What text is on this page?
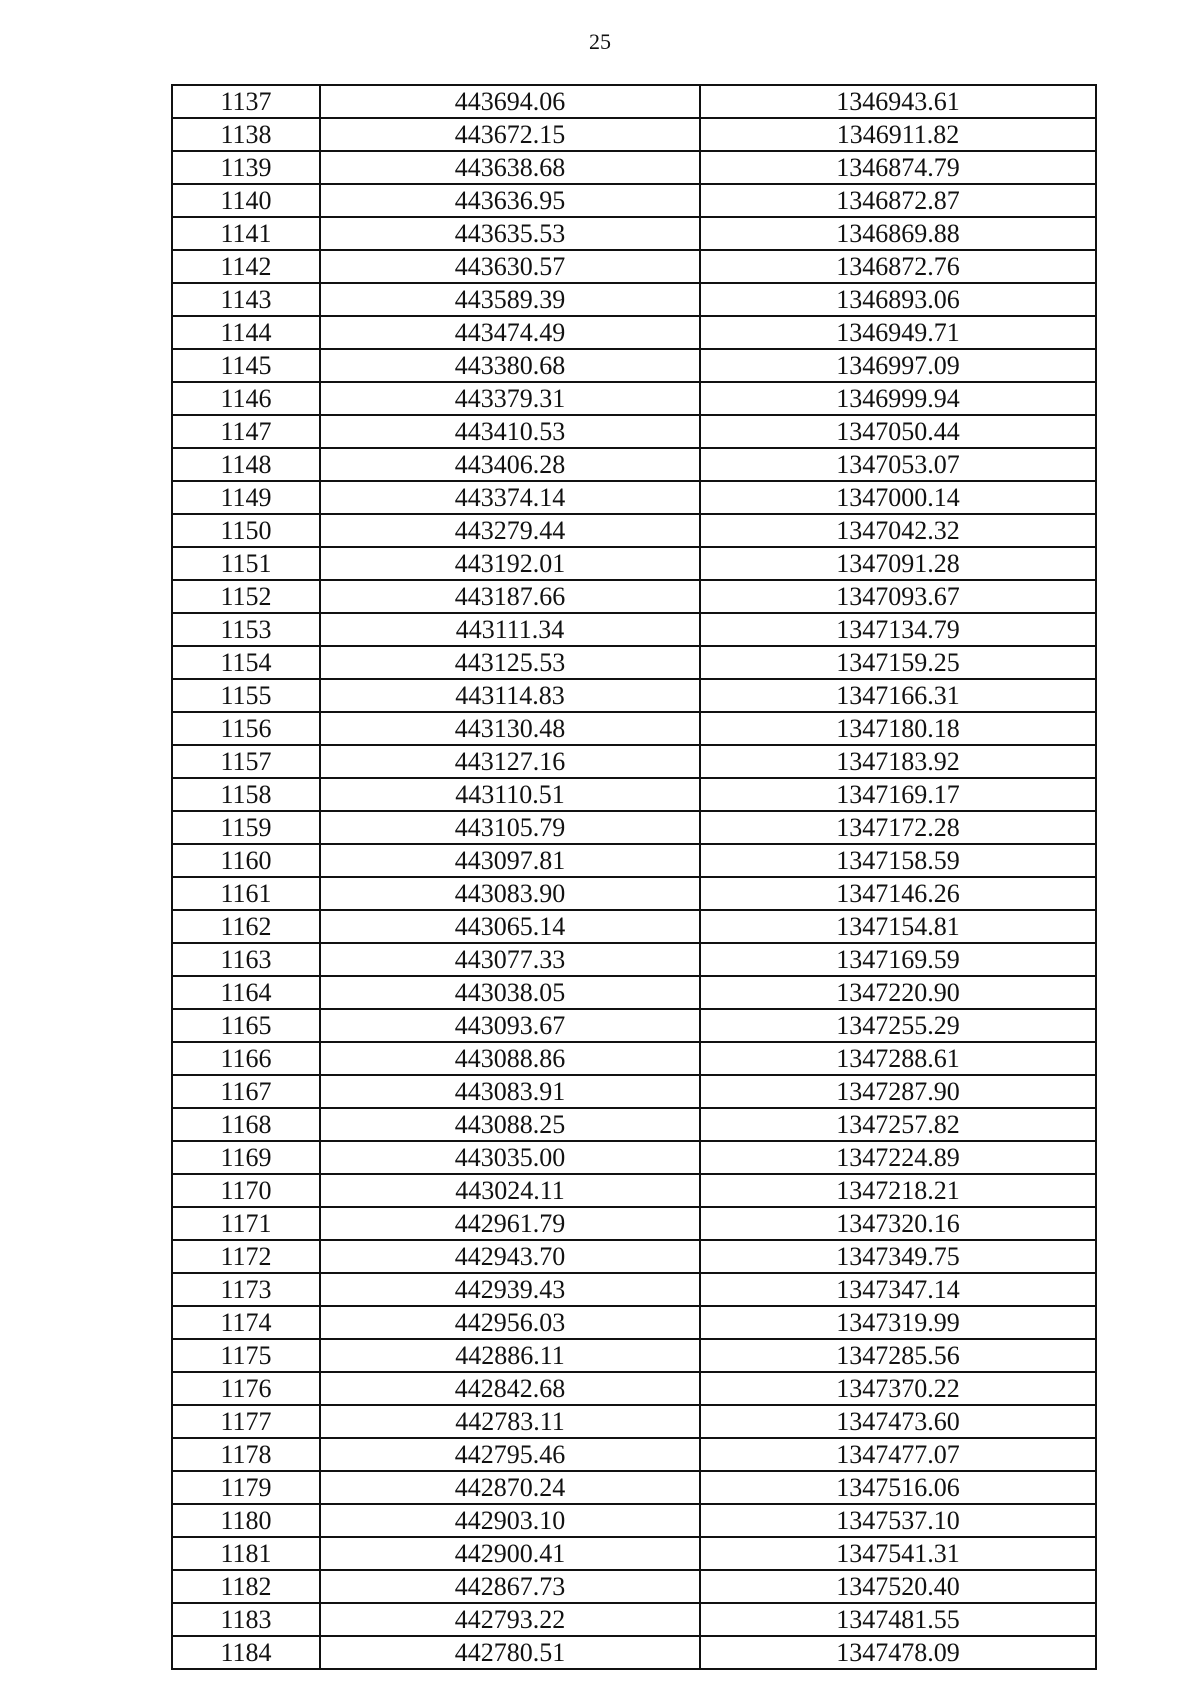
25
1137	443694.06	1346943.61
1138	443672.15	1346911.82
1139	443638.68	1346874.79
1140	443636.95	1346872.87
1141	443635.53	1346869.88
1142	443630.57	1346872.76
1143	443589.39	1346893.06
1144	443474.49	1346949.71
1145	443380.68	1346997.09
1146	443379.31	1346999.94
1147	443410.53	1347050.44
1148	443406.28	1347053.07
1149	443374.14	1347000.14
1150	443279.44	1347042.32
1151	443192.01	1347091.28
1152	443187.66	1347093.67
1153	443111.34	1347134.79
1154	443125.53	1347159.25
1155	443114.83	1347166.31
1156	443130.48	1347180.18
1157	443127.16	1347183.92
1158	443110.51	1347169.17
1159	443105.79	1347172.28
1160	443097.81	1347158.59
1161	443083.90	1347146.26
1162	443065.14	1347154.81
1163	443077.33	1347169.59
1164	443038.05	1347220.90
1165	443093.67	1347255.29
1166	443088.86	1347288.61
1167	443083.91	1347287.90
1168	443088.25	1347257.82
1169	443035.00	1347224.89
1170	443024.11	1347218.21
1171	442961.79	1347320.16
1172	442943.70	1347349.75
1173	442939.43	1347347.14
1174	442956.03	1347319.99
1175	442886.11	1347285.56
1176	442842.68	1347370.22
1177	442783.11	1347473.60
1178	442795.46	1347477.07
1179	442870.24	1347516.06
1180	442903.10	1347537.10
1181	442900.41	1347541.31
1182	442867.73	1347520.40
1183	442793.22	1347481.55
1184	442780.51	1347478.09
